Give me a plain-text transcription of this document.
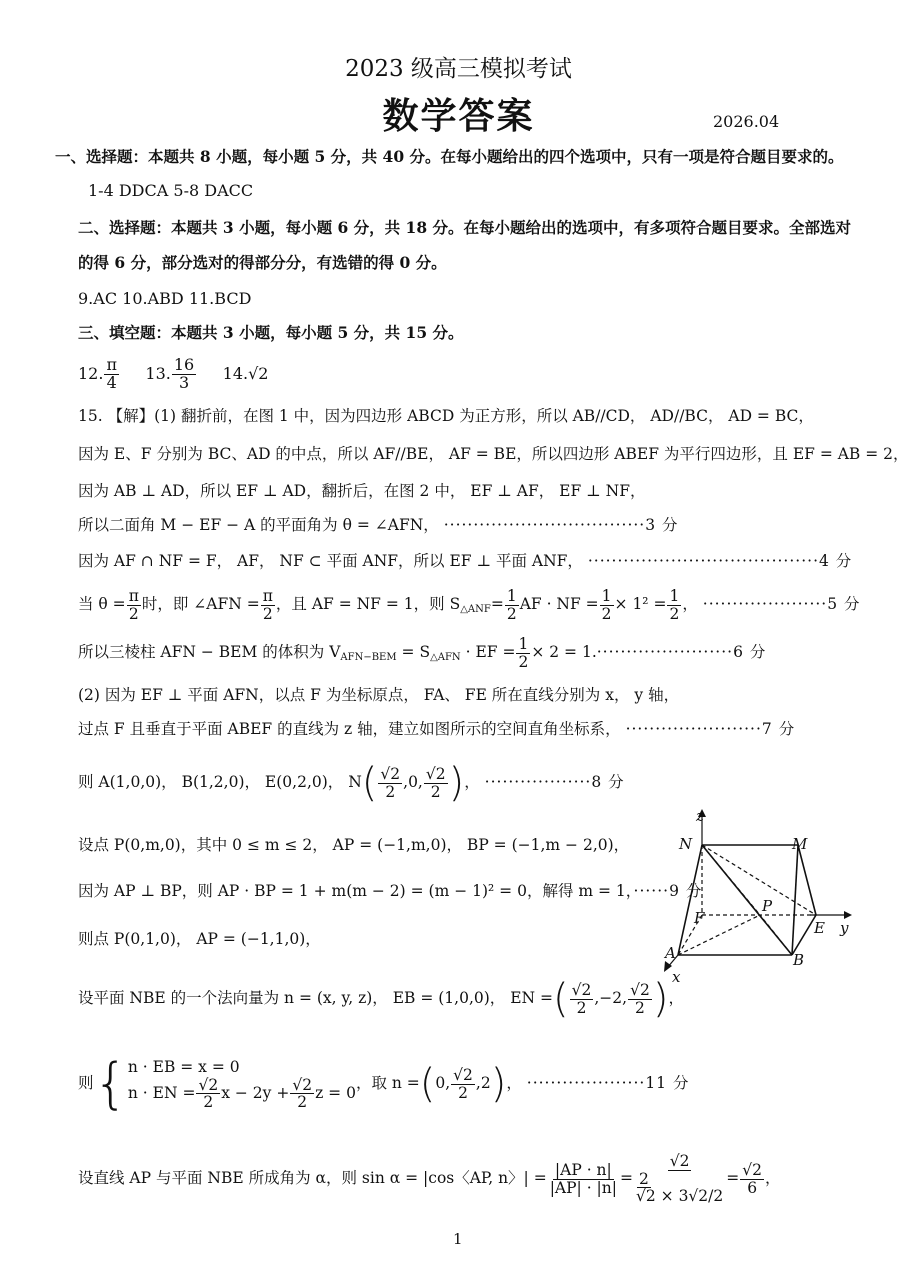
2023 级高三模拟考试
数学答案	2026.04
一、选择题：本题共 8 小题，每小题 5 分，共 40 分。在每小题给出的四个选项中，只有一项是符合题目要求的。
1-4 DDCA 5-8 DACC
二、选择题：本题共 3 小题，每小题 6 分，共 18 分。在每小题给出的选项中，有多项符合题目要求。全部选对
的得 6 分，部分选对的得部分分，有选错的得 0 分。
9.AC 10.ABD 11.BCD
三、填空题：本题共 3 小题，每小题 5 分，共 15 分。
12. $\frac{\pi}{4} 13$. $\frac{16}{3} 14.√2$
15. 【解】(1) 翻折前，在图 1 中，因为四边形 ABCD 为正方形，所以 AB//CD， AD//BC， AD = BC，
因为 E、F 分别为 BC、AD 的中点，所以 AF//BE， AF = BE，所以四边形 ABEF 为平行四边形，且 EF = AB = 2，
因为 AB ⊥ AD，所以 EF ⊥ AD，翻折后，在图 2 中， EF ⊥ AF， EF ⊥ NF，
所以二面角 M − EF − A 的平面角为 θ = ∠AFN， ··································3 分
因为 AF ∩ NF = F， AF， NF ⊂ 平面 ANF，所以 EF ⊥ 平面 ANF， ·······································4 分
当 $\theta = \frac{\pi}{2}$ 时，即 ∠AFN = $\frac{\pi}{2}$ ，且 AF = NF = 1，则 $S_{\triangle ANF}= \frac{1}{2}$ AF · NF = $\frac{1}{2} \times 1^2 = \frac{1}{2}$ ， ·····················5 分
所以三棱柱 AFN − BEM 的体积为 $V_{AFN-BEM} = S_{\triangle AFN}$ · EF = $\frac{1}{2} \times 2 = 1.\cdot\cdot\cdot\cdot\cdot\cdot\cdot\cdot\cdot\cdot\cdot\cdot\cdot\cdot\cdot\cdot\cdot\cdot\cdot\cdot\cdot\cdot\cdot 6$ 分
(2) 因为 EF ⊥ 平面 AFN，以点 F 为坐标原点， FA、 FE 所在直线分别为 x， y 轴，
过点 F 且垂直于平面 ABEF 的直线为 z 轴，建立如图所示的空间直角坐标系， ·······················7 分
则 A(1,0,0)， B(1,2,0)， E(0,2,0)， $N( \frac{√2}{2} ,0$, $\frac{√2}{2}$ )， ··················8 分
设点 P(0,m,0)，其中 0 ≤ m ≤ 2， AP = (−1,m,0)， BP = (−1,m − 2,0)，
因为 AP ⊥ BP，则 AP · BP = 1 + m(m − 2) = (m − 1)² = 0，解得 m = 1，······9 分
则点 P(0,1,0)， AP = (−1,1,0)，
设平面 NBE 的一个法向量为 n = (x, y, z)， EB = (1,0,0)， EN =( $\frac{√2}{2} ,-2$, $\frac{√2}{2}$ )，
则{ n · EB = x = 0
n · EN = $\frac{√2}{2}$ $x - 2y + \frac{√2}{2}$ z = 0
，取 n =(0, $\frac{√2}{2} ,2$)， ····················11 分
设直线 AP 与平面 NBE 所成角为 α，则 sin α = |cos〈AP, n〉| = $\frac{|AP \cdot n|}{|AP| \cdot |n|}$ =
√2
2

√2 × 3√2/2
= $\frac{√2}{6}$ ，
z
N	M
F
P
E y
A	B
x
1
